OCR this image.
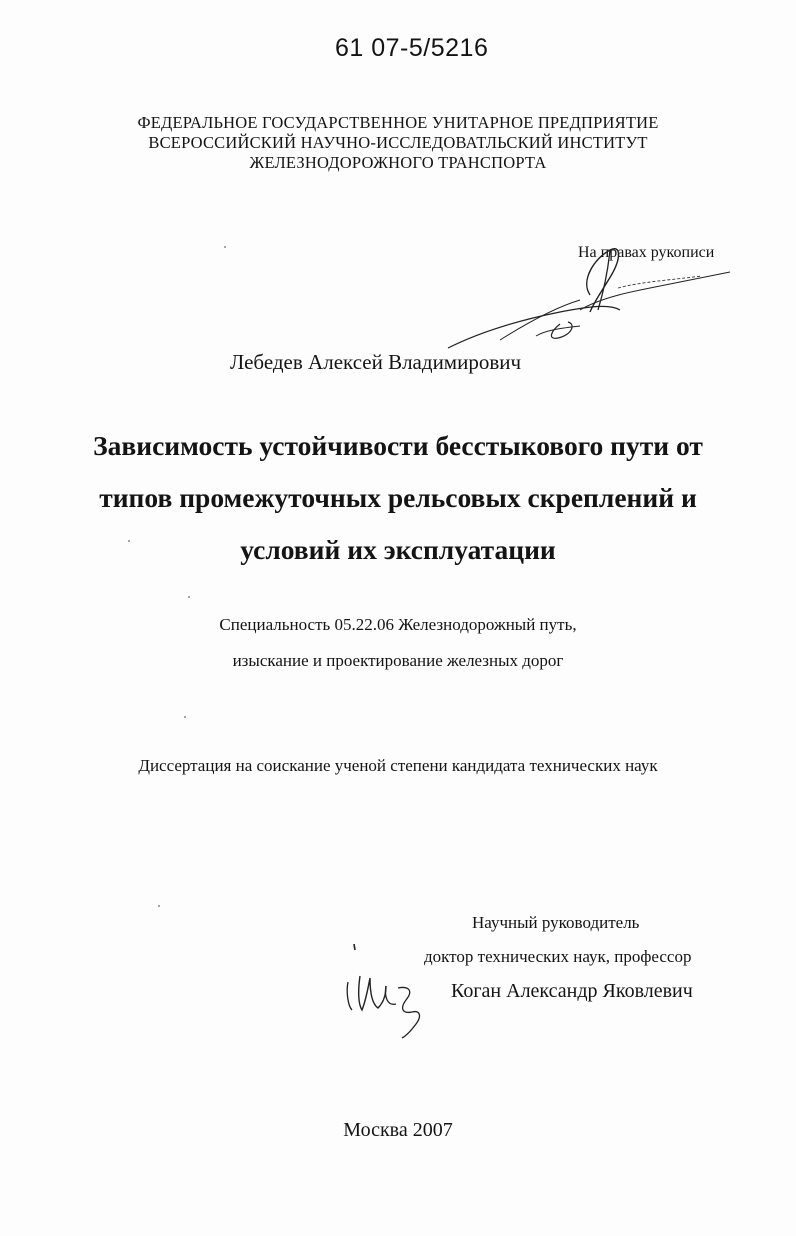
61 07-5/5216
ФЕДЕРАЛЬНОЕ ГОСУДАРСТВЕННОЕ УНИТАРНОЕ ПРЕДПРИЯТИЕ
ВСЕРОССИЙСКИЙ НАУЧНО-ИССЛЕДОВАТЛЬСКИЙ ИНСТИТУТ
ЖЕЛЕЗНОДОРОЖНОГО ТРАНСПОРТА
На правах рукописи
Лебедев Алексей Владимирович
Зависимость устойчивости бесстыкового пути от
типов промежуточных рельсовых скреплений и
условий их эксплуатации
Специальность 05.22.06 Железнодорожный путь,
изыскание и проектирование железных дорог
Диссертация на соискание ученой степени кандидата технических наук
Научный руководитель
доктор технических наук, профессор
Коган Александр Яковлевич
Москва 2007
